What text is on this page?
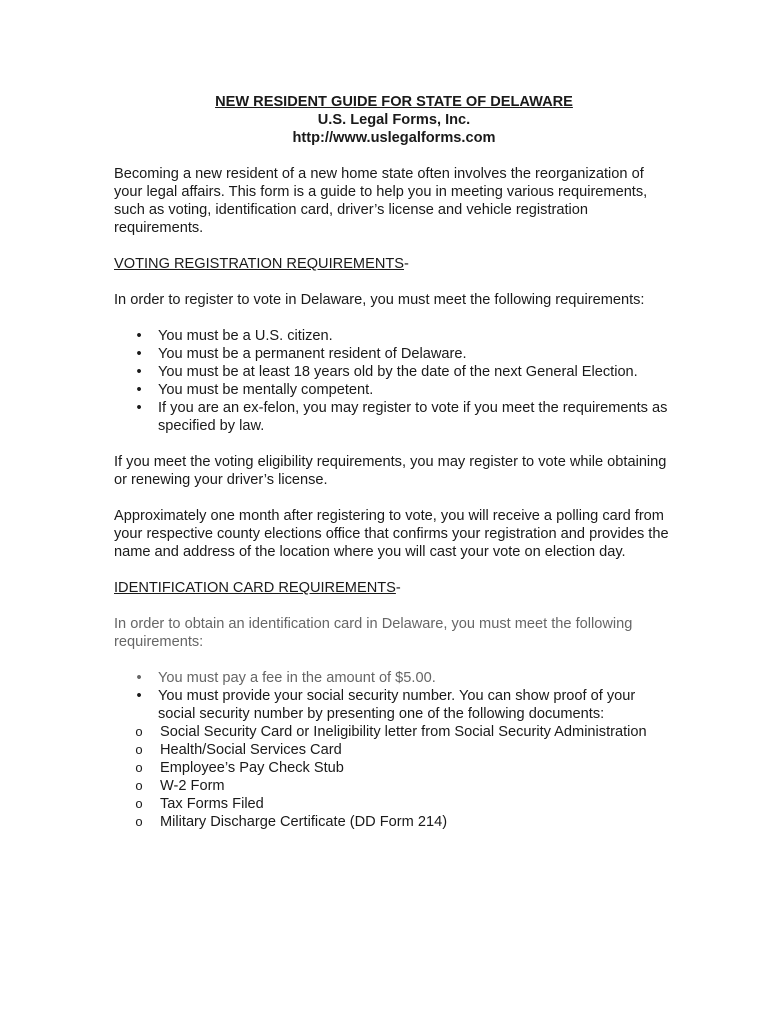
NEW RESIDENT GUIDE FOR STATE OF DELAWARE
U.S. Legal Forms, Inc.
http://www.uslegalforms.com

Becoming a new resident of a new home state often involves the reorganization of your legal affairs. This form is a guide to help you in meeting various requirements, such as voting, identification card, driver’s license and vehicle registration requirements.

VOTING REGISTRATION REQUIREMENTS-

In order to register to vote in Delaware, you must meet the following requirements:

• You must be a U.S. citizen.
• You must be a permanent resident of Delaware.
• You must be at least 18 years old by the date of the next General Election.
• You must be mentally competent.
• If you are an ex-felon, you may register to vote if you meet the requirements as specified by law.

If you meet the voting eligibility requirements, you may register to vote while obtaining or renewing your driver’s license.

Approximately one month after registering to vote, you will receive a polling card from your respective county elections office that confirms your registration and provides the name and address of the location where you will cast your vote on election day.

IDENTIFICATION CARD REQUIREMENTS-

In order to obtain an identification card in Delaware, you must meet the following requirements:

• You must pay a fee in the amount of $5.00.
• You must provide your social security number. You can show proof of your social security number by presenting one of the following documents:
o Social Security Card or Ineligibility letter from Social Security Administration
o Health/Social Services Card
o Employee’s Pay Check Stub
o W-2 Form
o Tax Forms Filed
o Military Discharge Certificate (DD Form 214)
